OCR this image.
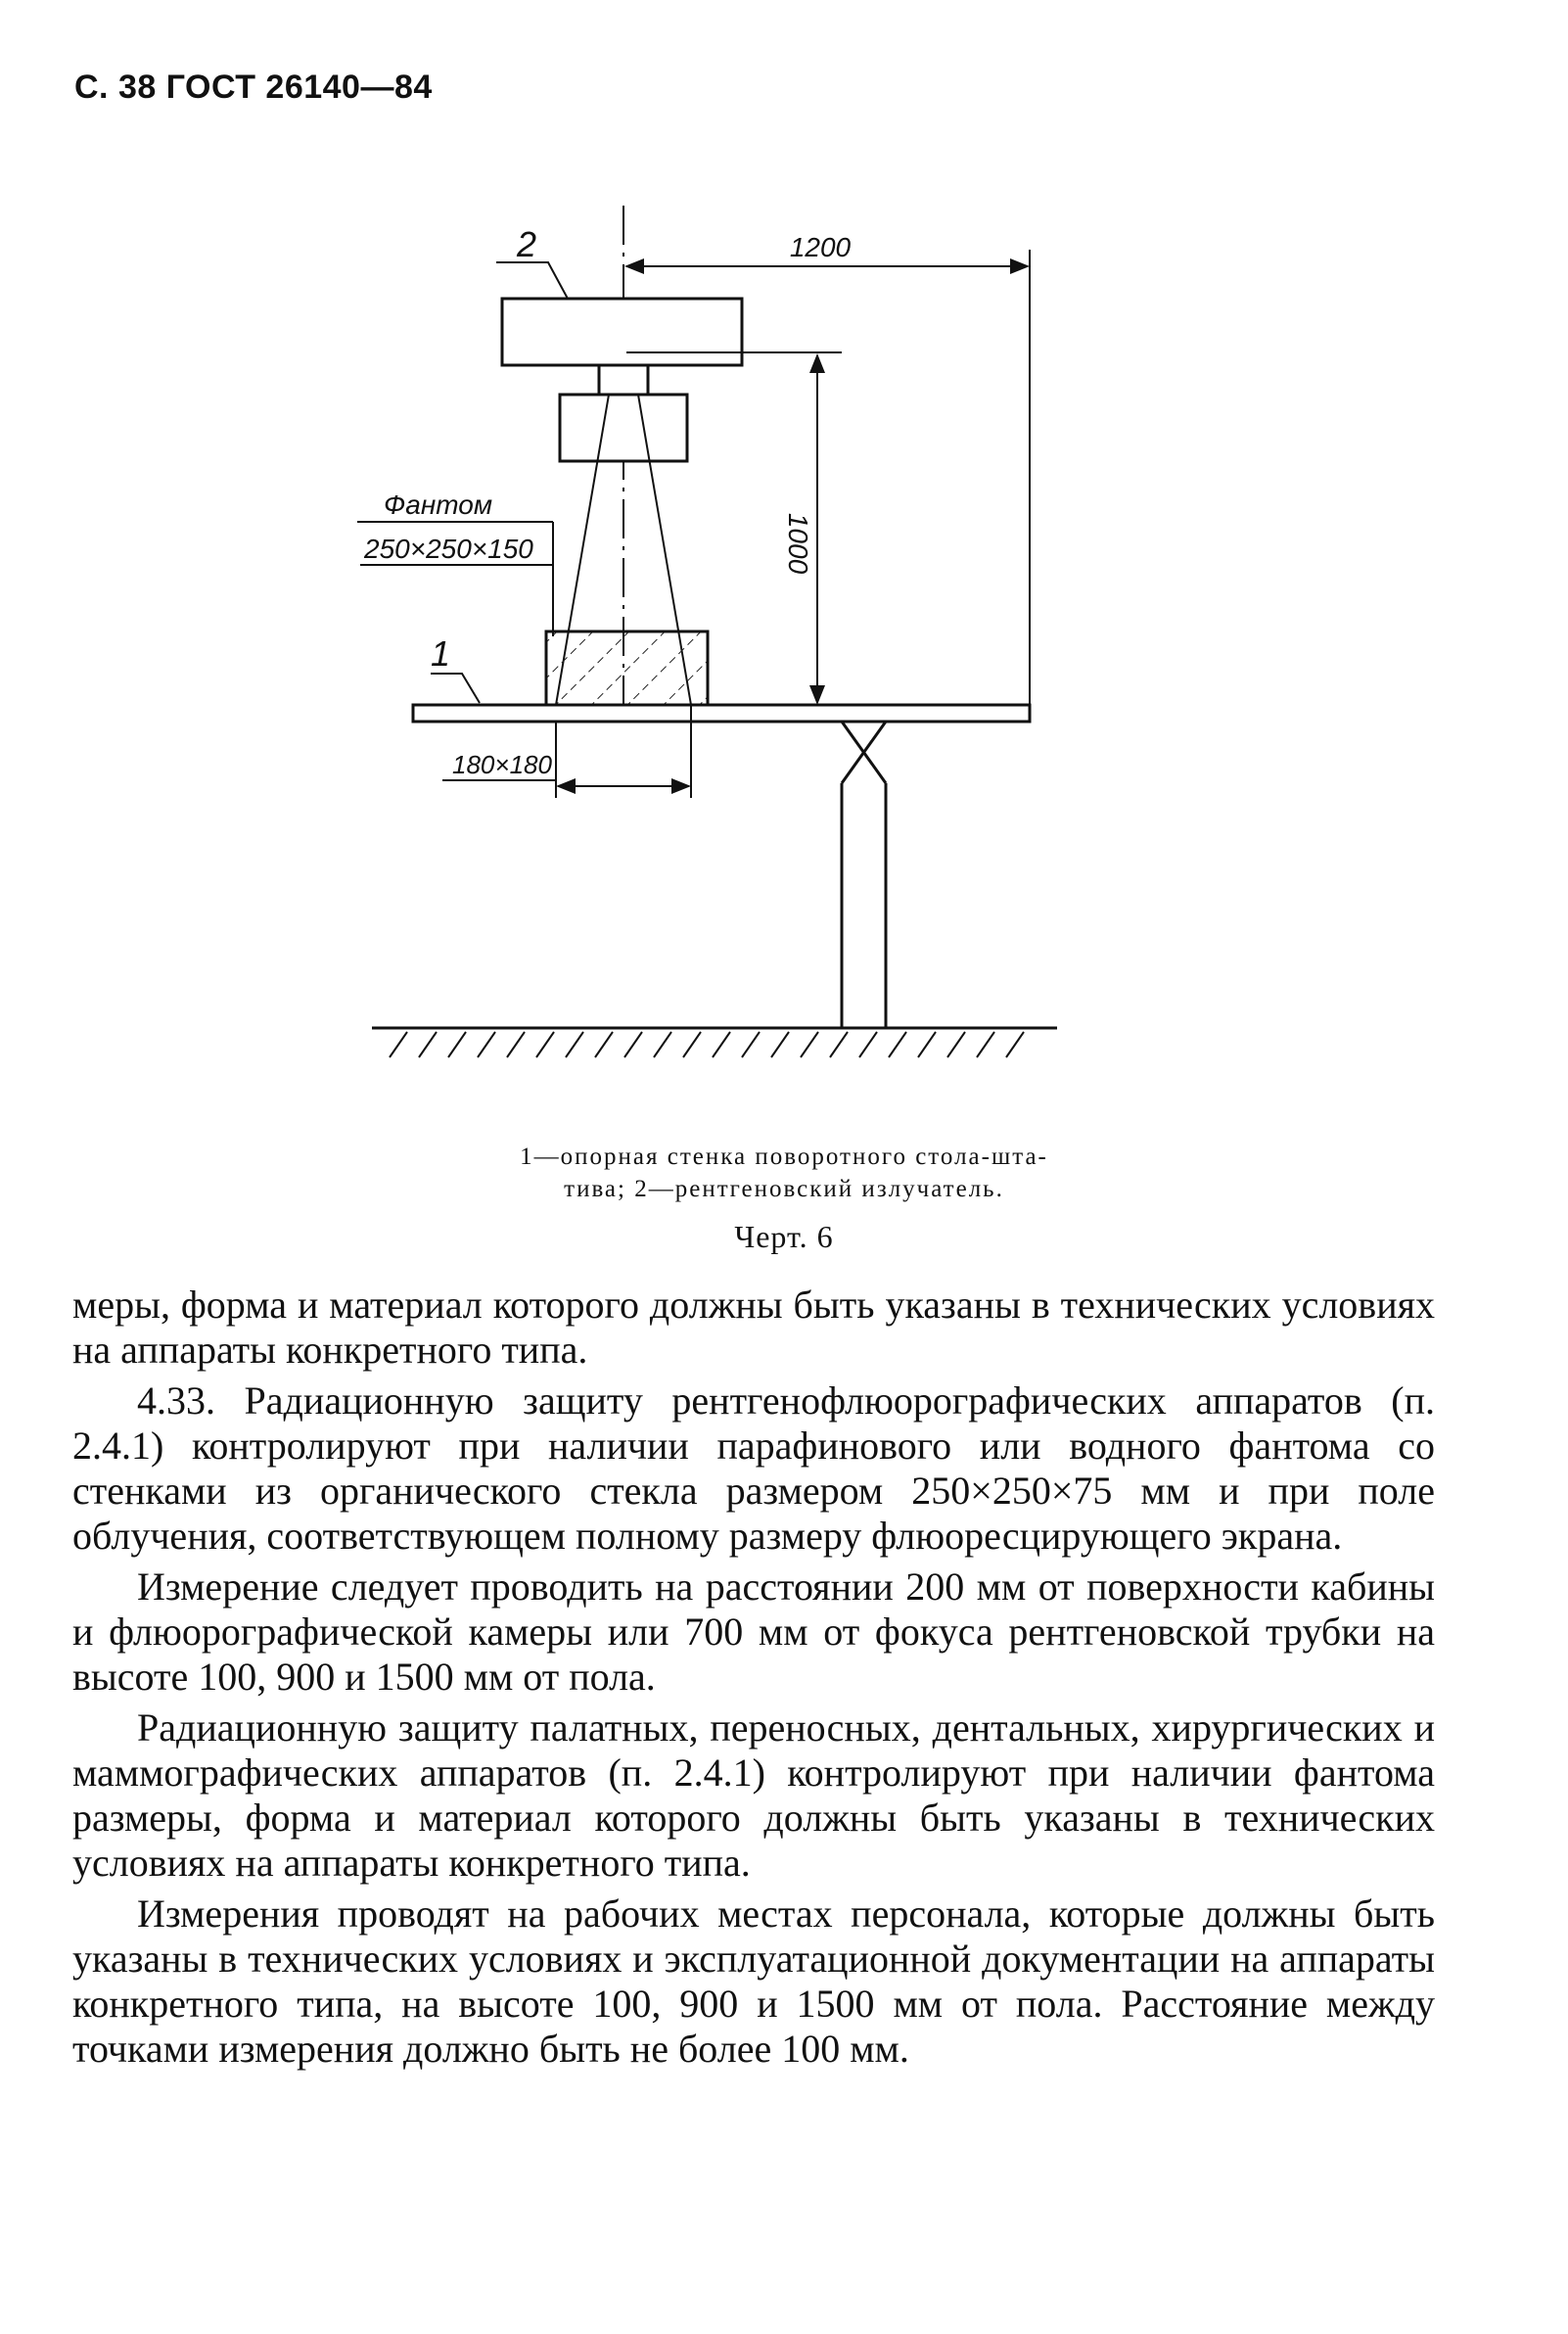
С. 38 ГОСТ 26140—84
1200
1000
2
Фантом
250×250×150
1
180×180
1—опорная стенка поворотного стола-шта-
тива; 2—рентгеновский излучатель.
Черт. 6

меры, форма и материал которого должны быть указаны в технических условиях на аппараты конкретного типа.

4.33. Радиационную защиту рентгенофлюорографических аппаратов (п. 2.4.1) контролируют при наличии парафинового или водного фантома со стенками из органического стекла размером 250×250×75 мм и при поле облучения, соответствующем полному размеру флюоресцирующего экрана.

Измерение следует проводить на расстоянии 200 мм от поверхности кабины и флюорографической камеры или 700 мм от фокуса рентгеновской трубки на высоте 100, 900 и 1500 мм от пола.

Радиационную защиту палатных, переносных, дентальных, хирургических и маммографических аппаратов (п. 2.4.1) контролируют при наличии фантома размеры, форма и материал которого должны быть указаны в технических условиях на аппараты конкретного типа.

Измерения проводят на рабочих местах персонала, которые должны быть указаны в технических условиях и эксплуатационной документации на аппараты конкретного типа, на высоте 100, 900 и 1500 мм от пола. Расстояние между точками измерения должно быть не более 100 мм.
